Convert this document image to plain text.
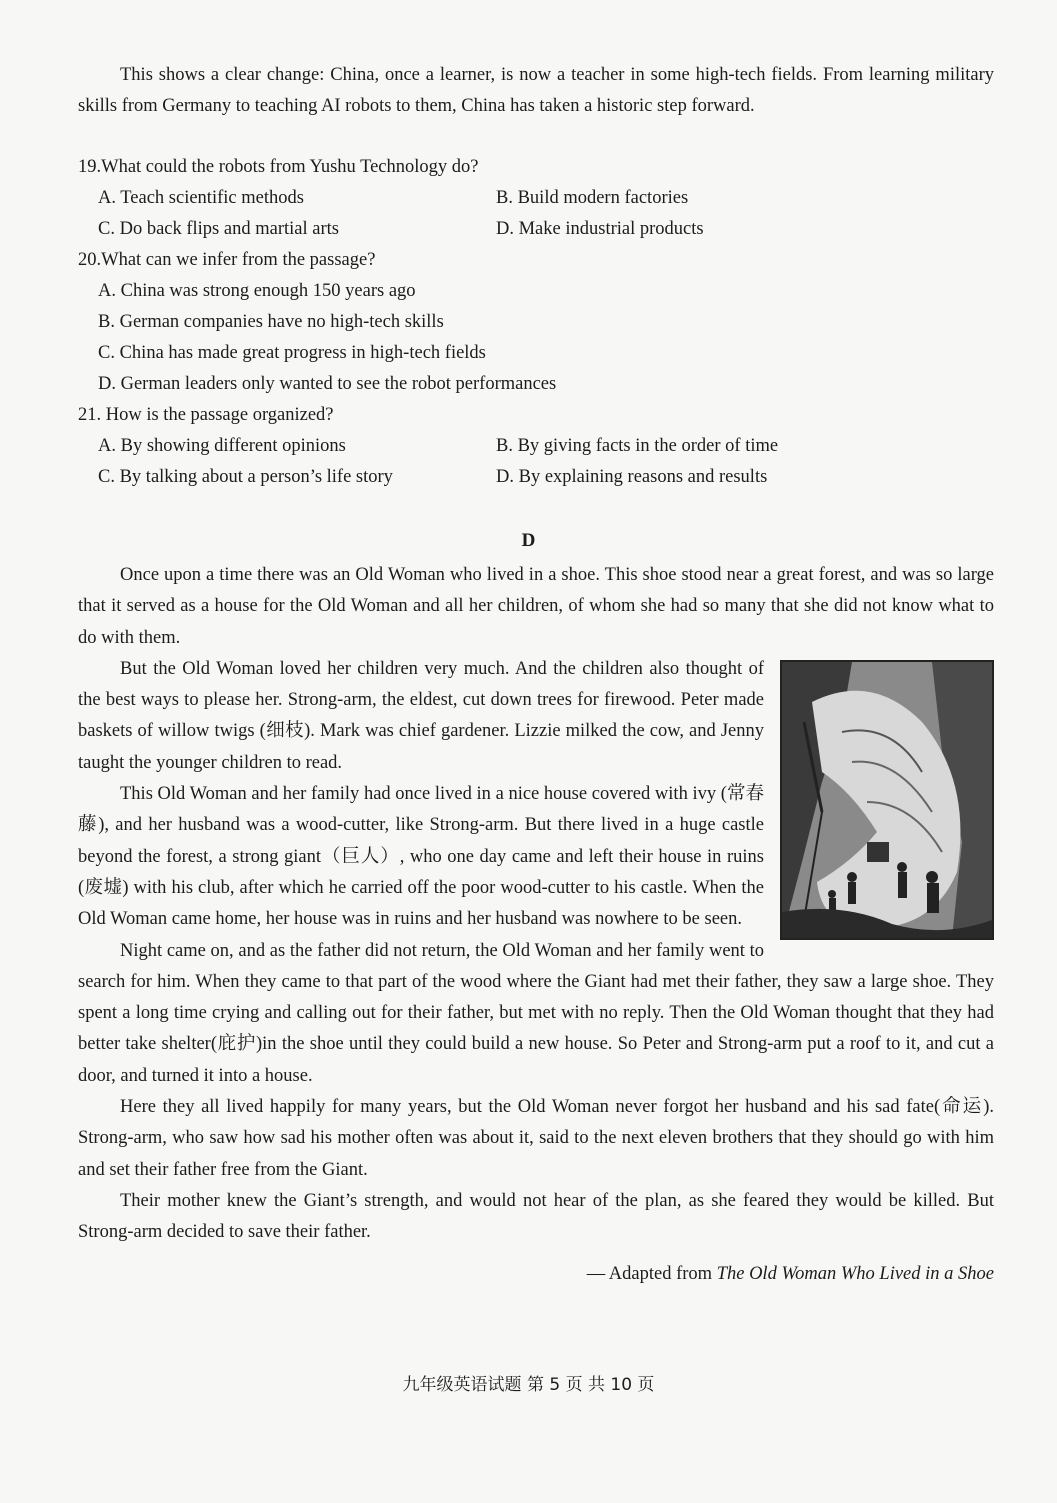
This shows a clear change: China, once a learner, is now a teacher in some high-tech fields. From learning military skills from Germany to teaching AI robots to them, China has taken a historic step forward.

19.What could the robots from Yushu Technology do?

A. Teach scientific methods	B. Build modern factories
C. Do back flips and martial arts	D. Make industrial products

20.What can we infer from the passage?

A. China was strong enough 150 years ago

B. German companies have no high-tech skills

C. China has made great progress in high-tech fields

D. German leaders only wanted to see the robot performances

21. How is the passage organized?

A. By showing different opinions	B. By giving facts in the order of time
C. By talking about a person’s life story	D. By explaining reasons and results
D

Once upon a time there was an Old Woman who lived in a shoe. This shoe stood near a great forest, and was so large that it served as a house for the Old Woman and all her children, of whom she had so many that she did not know what to do with them.

But the Old Woman loved her children very much. And the children also thought of the best ways to please her. Strong-arm, the eldest, cut down trees for firewood. Peter made baskets of willow twigs (细枝). Mark was chief gardener. Lizzie milked the cow, and Jenny taught the younger children to read.

This Old Woman and her family had once lived in a nice house covered with ivy (常春藤), and her husband was a wood-cutter, like Strong-arm. But there lived in a huge castle beyond the forest, a strong giant（巨人）, who one day came and left their house in ruins (废墟) with his club, after which he carried off the poor wood-cutter to his castle. When the Old Woman came home, her house was in ruins and her husband was nowhere to be seen.

Night came on, and as the father did not return, the Old Woman and her family went to search for him. When they came to that part of the wood where the Giant had met their father, they saw a large shoe. They spent a long time crying and calling out for their father, but met with no reply. Then the Old Woman thought that they had better take shelter(庇护)in the shoe until they could build a new house. So Peter and Strong-arm put a roof to it, and cut a door, and turned it into a house.

Here they all lived happily for many years, but the Old Woman never forgot her husband and his sad fate(命运). Strong-arm, who saw how sad his mother often was about it, said to the next eleven brothers that they should go with him and set their father free from the Giant.

Their mother knew the Giant’s strength, and would not hear of the plan, as she feared they would be killed. But Strong-arm decided to save their father.

— Adapted from The Old Woman Who Lived in a Shoe

九年级英语试题 第 5 页 共 10 页
